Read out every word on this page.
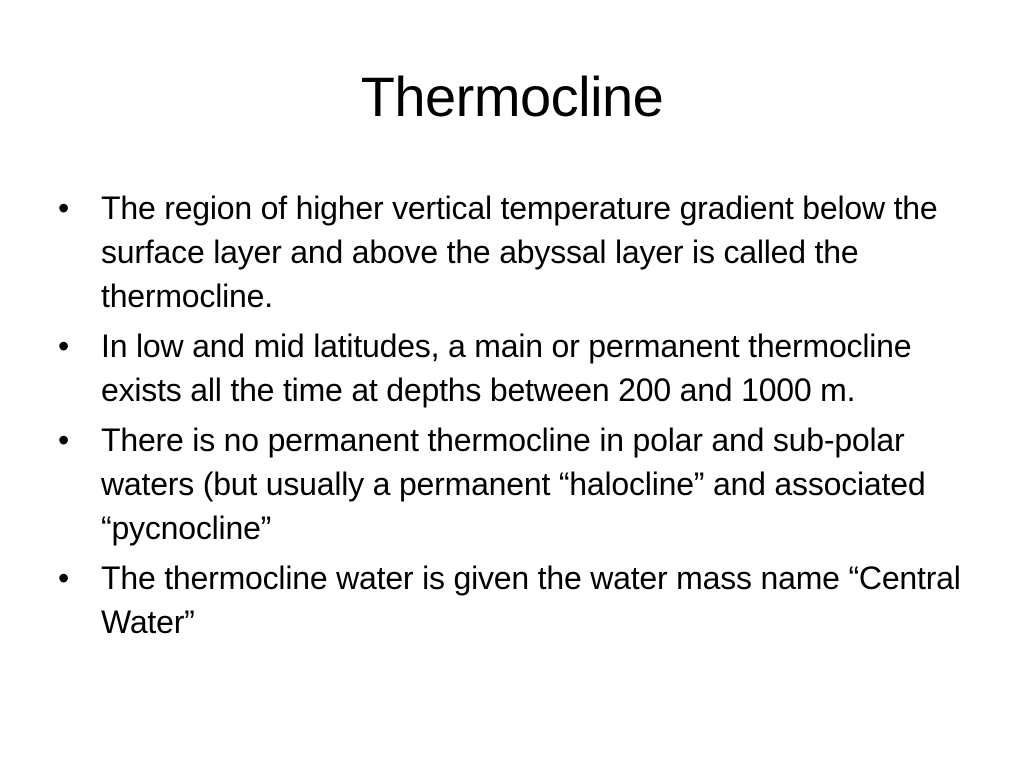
Thermocline
• The region of higher vertical temperature gradient below the surface layer and above the abyssal layer is called the thermocline.
• In low and mid latitudes, a main or permanent thermocline exists all the time at depths between 200 and 1000 m.
• There is no permanent thermocline in polar and sub-polar waters (but usually a permanent “halocline” and associated “pycnocline”
• The thermocline water is given the water mass name “Central Water”
